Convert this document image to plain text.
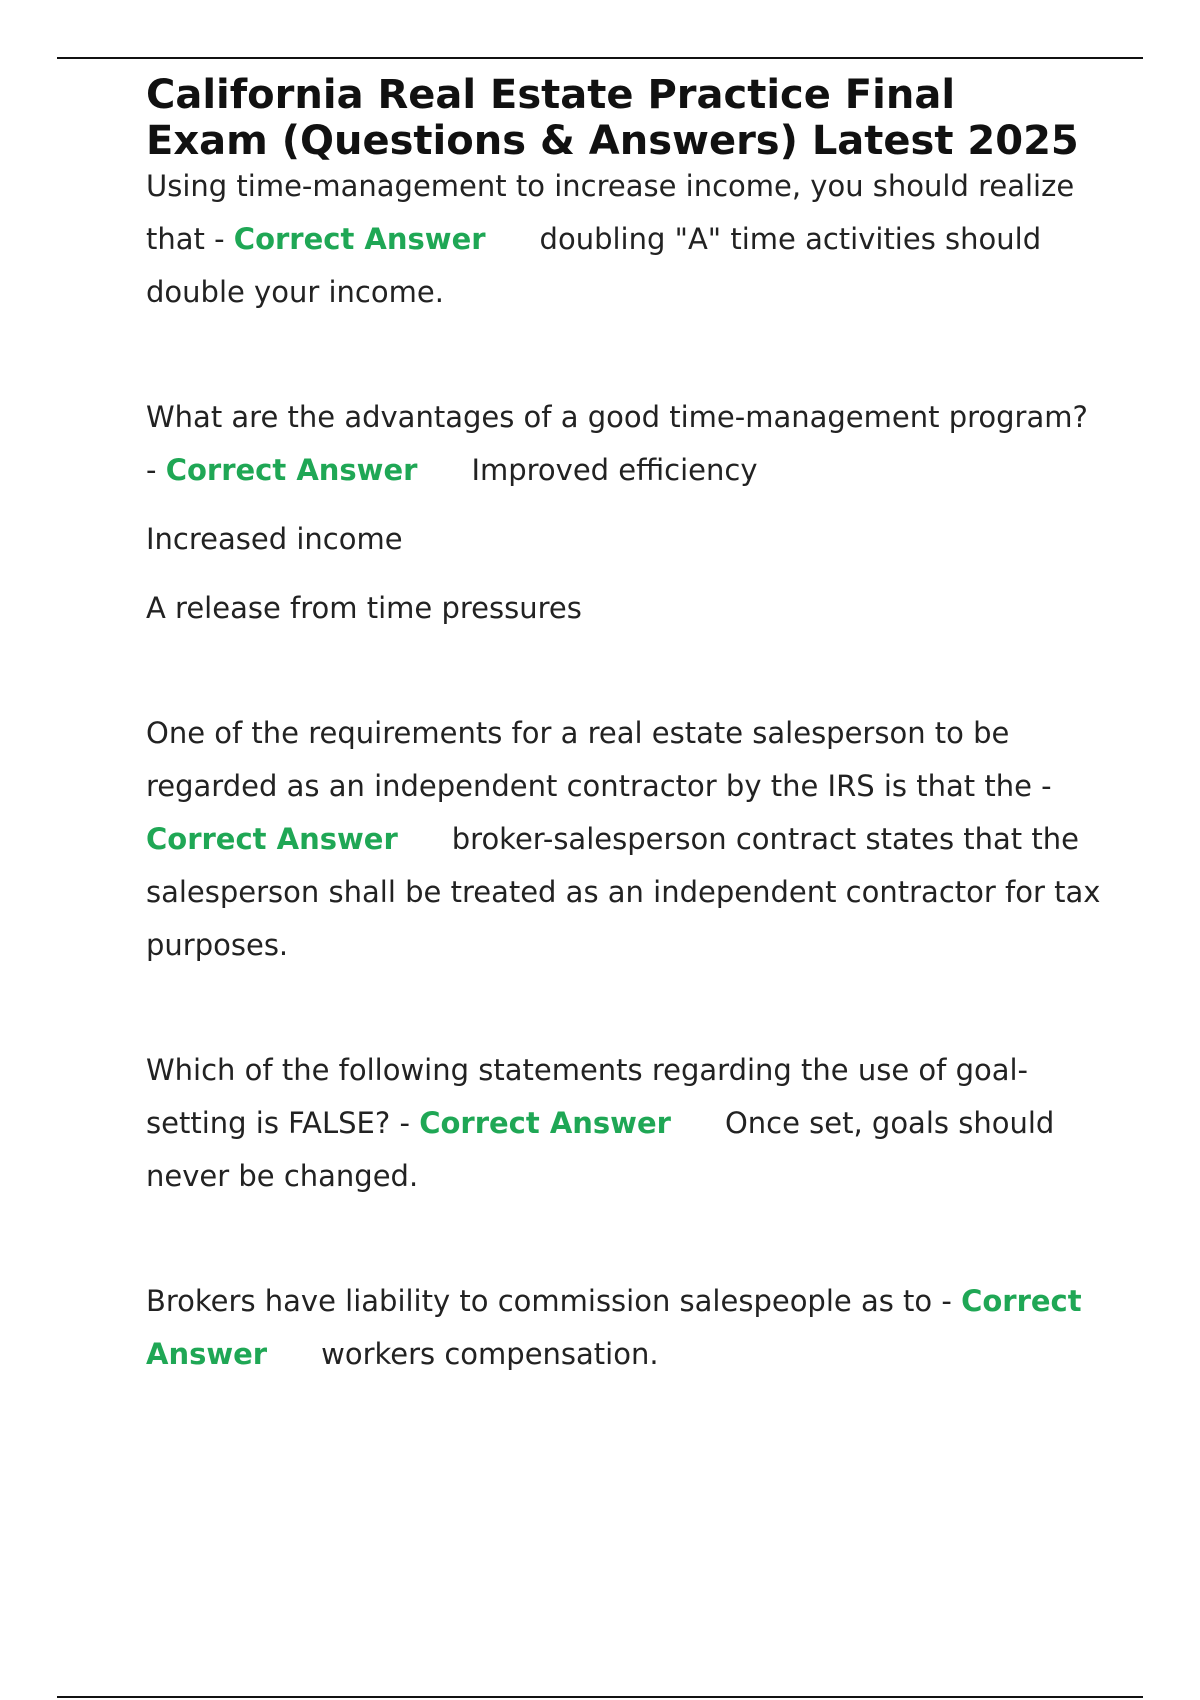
California Real Estate Practice Final
Exam (Questions & Answers) Latest 2025

Using time-management to increase income, you should realize that - Correct Answer doubling "A" time activities should double your income.

What are the advantages of a good time-management program? - Correct Answer Improved efficiency

Increased income

A release from time pressures

One of the requirements for a real estate salesperson to be regarded as an independent contractor by the IRS is that the - Correct Answer broker-salesperson contract states that the salesperson shall be treated as an independent contractor for tax purposes.

Which of the following statements regarding the use of goal-setting is FALSE? - Correct Answer Once set, goals should never be changed.

Brokers have liability to commission salespeople as to - Correct Answer workers compensation.
